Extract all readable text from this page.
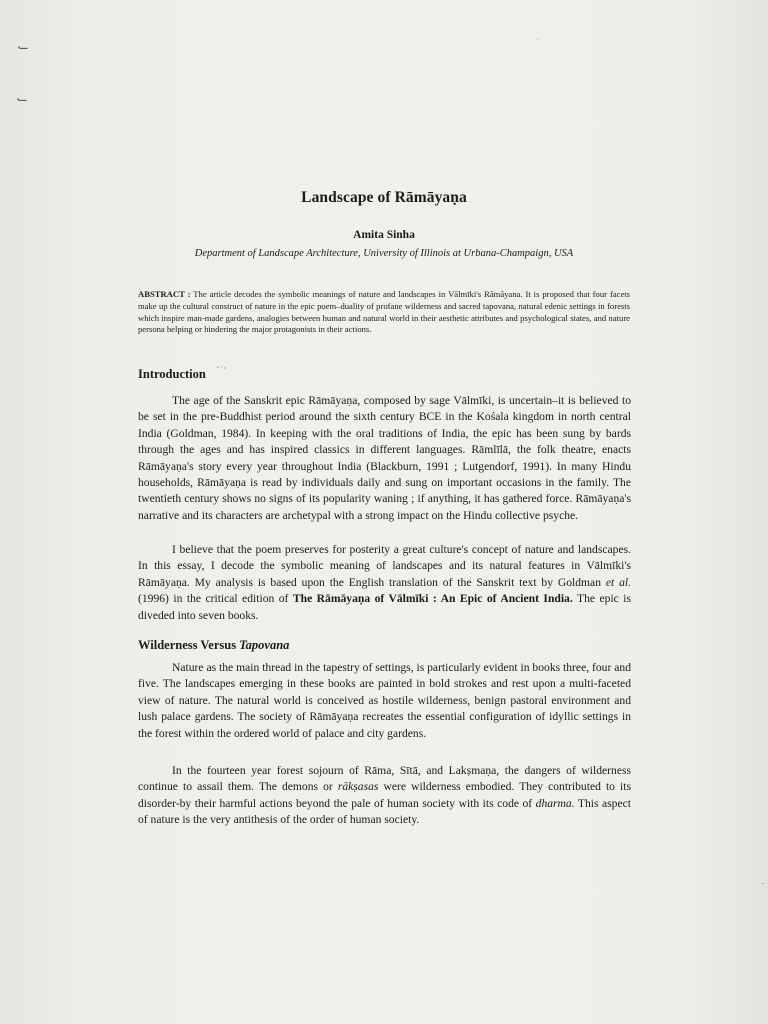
⹃
⹃
˛
ˑ
Landscape of Rāmāyaṇa
Amita Sinha
Department of Landscape Architecture, University of Illinois at Urbana-Champaign, USA
ABSTRACT : The article decodes the symbolic meanings of nature and landscapes in Vālmīki's Rāmāyana. It is proposed that four facets make up the cultural construct of nature in the epic poem–duality of profane wilderness and sacred tapovana, natural edenic settings in forests which inspire man-made gardens, analogies between human and natural world in their aesthetic attributes and psychological states, and nature persona helping or hindering the major protagonists in their actions.
Introduction $^{ˇ˙ʾ}$

The age of the Sanskrit epic Rāmāyaṇa, composed by sage Vālmīki, is uncertain–it is believed to be set in the pre-Buddhist period around the sixth century BCE in the Kośala kingdom in north central India (Goldman, 1984). In keeping with the oral traditions of India, the epic has been sung by bards through the ages and has inspired classics in different languages. Rāmlīlā, the folk theatre, enacts Rāmāyaṇa's story every year throughout India (Blackburn, 1991 ; Lutgendorf, 1991). In many Hindu households, Rāmāyaṇa is read by individuals daily and sung on important occasions in the family. The twentieth century shows no signs of its popularity waning ; if anything, it has gathered force. Rāmāyaṇa's narrative and its characters are archetypal with a strong impact on the Hindu collective psyche.

I believe that the poem preserves for posterity a great culture's concept of nature and landscapes. In this essay, I decode the symbolic meaning of landscapes and its natural features in Vālmīki's Rāmāyaṇa. My analysis is based upon the English translation of the Sanskrit text by Goldman et al. (1996) in the critical edition of The Rāmāyaṇa of Vālmīki : An Epic of Ancient India. The epic is diveded into seven books.

Wilderness Versus Tapovana

Nature as the main thread in the tapestry of settings, is particularly evident in books three, four and five. The landscapes emerging in these books are painted in bold strokes and rest upon a multi-faceted view of nature. The natural world is conceived as hostile wilderness, benign pastoral environment and lush palace gardens. The society of Rāmāyaṇa recreates the essential configuration of idyllic settings in the forest within the ordered world of palace and city gardens.

In the fourteen year forest sojourn of Rāma, Sītā, and Lakṣmaṇa, the dangers of wilderness continue to assail them. The demons or rākṣasas were wilderness embodied. They contributed to its disorder-by their harmful actions beyond the pale of human society with its code of dharma. This aspect of nature is the very antithesis of the order of human society.
